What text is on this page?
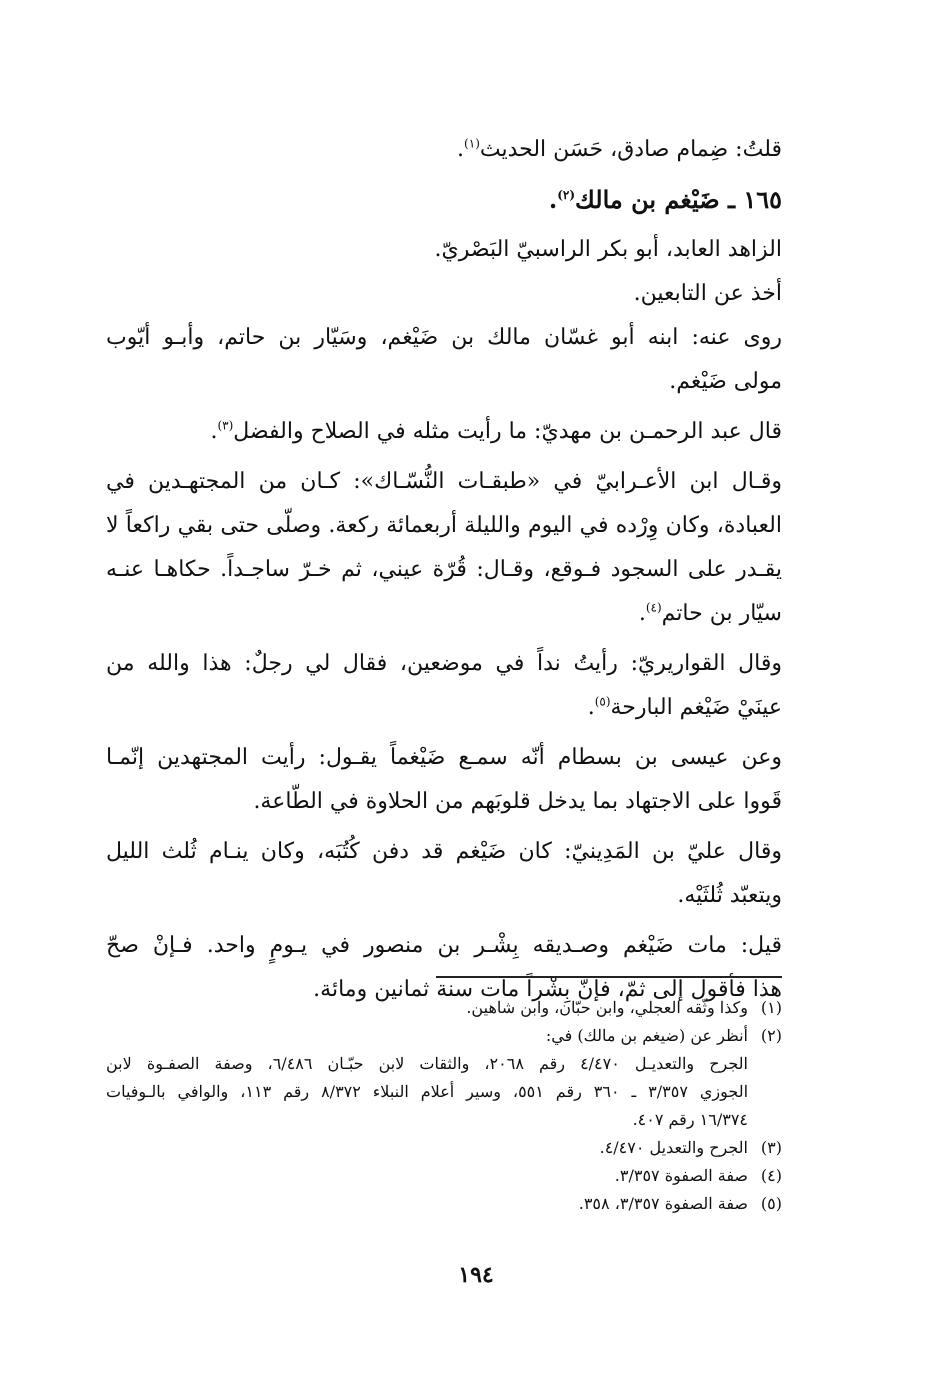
قلتُ: ضِمام صادق، حَسَن الحديث$^{(١)}$.
١٦٥ ـ ضَيْغم بن مالك$^{(٢)}$.
الزاهد العابد، أبو بكر الراسبيّ البَصْريّ.
أخذ عن التابعين.
روى عنه: ابنه أبو غسّان مالك بن ضَيْغم، وسَيّار بن حاتم، وأبـو أيّوب
مولى ضَيْغم.
قال عبد الرحمـن بن مهديّ: ما رأيت مثله في الصلاح والفضل$^{(٣)}$.
وقـال ابن الأعـرابيّ في «طبقـات النُّسّـاك»: كـان من المجتهـدين في
العبادة، وكان وِرْده في اليوم والليلة أربعمائة ركعة. وصلّى حتى بقي راكعاً لا
يقـدر على السجود فـوقع، وقـال: قُرّة عيني، ثم خـرّ ساجـداً. حكاهـا عنـه
سيّار بن حاتم$^{(٤)}$.
وقال القواريريّ: رأيتُ نداً في موضعين، فقال لي رجلٌ: هذا والله من
عينَيْ ضَيْغم البارحة$^{(٥)}$.
وعن عيسى بن بسطام أنّه سمـع ضَيْغماً يقـول: رأيت المجتهدين إنّمـا
قَووا على الاجتهاد بما يدخل قلوبَهم من الحلاوة في الطّاعة.
وقال عليّ بن المَدِينيّ: كان ضَيْغم قد دفن كُتُبَه، وكان ينـام ثُلث الليل
ويتعبّد ثُلثَيْه.
قيل: مات ضَيْغم وصـديقه بِشْـر بن منصور في يـومٍ واحد. فـإنْ صحّ
هذا فأقول إلى ثمّ، فإنّ بِشْراً مات سنة ثمانين ومائة.
(١)وكذا وثّقه العجلي، وابن حبّان، وابن شاهين.
(٢)أنظر عن (ضيغم بن مالك) في:
الجرح والتعديـل ٤/٤٧٠ رقم ٢٠٦٨، والثقات لابن حبّـان ٦/٤٨٦، وصفة الصفـوة لابن
الجوزي ٣/٣٥٧ ـ ٣٦٠ رقم ٥٥١، وسير أعلام النبلاء ٨/٣٧٢ رقم ١١٣، والوافي بالـوفيات
١٦/٣٧٤ رقم ٤٠٧.
(٣)الجرح والتعديل ٤/٤٧٠.
(٤)صفة الصفوة ٣/٣٥٧.
(٥)صفة الصفوة ٣/٣٥٧، ٣٥٨.
١٩٤
